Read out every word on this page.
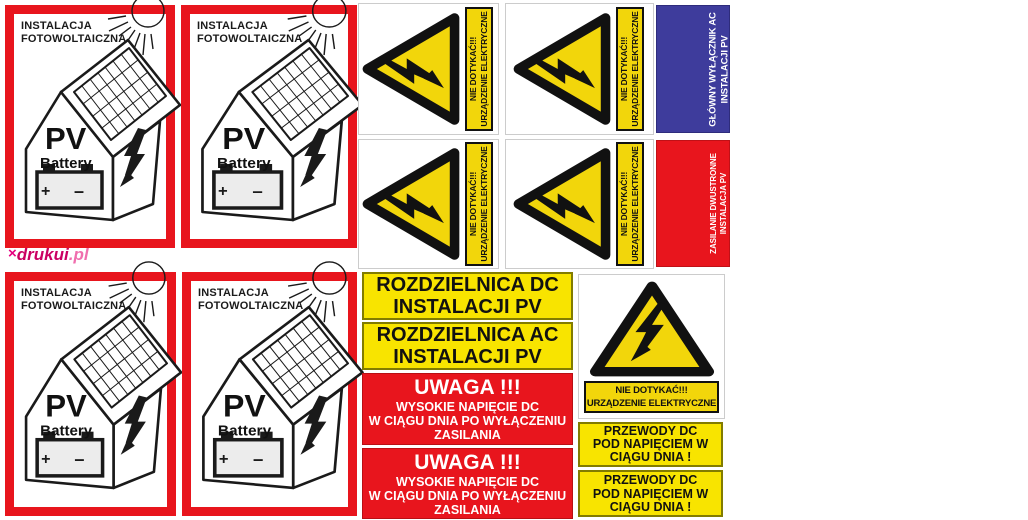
INSTALACJA
FOTOWOLTAICZNA
+ –
PV
Battery
INSTALACJA
FOTOWOLTAICZNA
+ –
PV
Battery
INSTALACJA
FOTOWOLTAICZNA
+ –
PV
Battery
INSTALACJA
FOTOWOLTAICZNA
+ –
PV
Battery
×drukui.pl
NIE DOTYKAĆ!!! URZĄDZENIE ELEKTRYCZNE	NIE DOTYKAĆ!!! URZĄDZENIE ELEKTRYCZNE
NIE DOTYKAĆ!!! URZĄDZENIE ELEKTRYCZNE	NIE DOTYKAĆ!!! URZĄDZENIE ELEKTRYCZNE
GŁÓWNY WYŁĄCZNIK AC INSTALACJI PV	GŁÓWNY WYŁĄCZNIK DC INSTALACJI PV
ZASILANIE DWUSTRONNE INSTALACJA PV	ZASILANIE DWUSTRONNE INSTALACJA PV	ZASILANIE DWUSTRONNE INSTALACJA PV
ROZDZIELNICA DC
INSTALACJI PV
ROZDZIELNICA AC
INSTALACJI PV
UWAGA !!!
WYSOKIE NAPIĘCIE DC
W CIĄGU DNIA PO WYŁĄCZENIU
ZASILANIA
UWAGA !!!
WYSOKIE NAPIĘCIE DC
W CIĄGU DNIA PO WYŁĄCZENIU
ZASILANIA
NIE DOTYKAĆ!!!
URZĄDZENIE ELEKTRYCZNE
PRZEWODY DC
POD NAPIĘCIEM W
CIĄGU DNIA !
PRZEWODY DC
POD NAPIĘCIEM W
CIĄGU DNIA !
